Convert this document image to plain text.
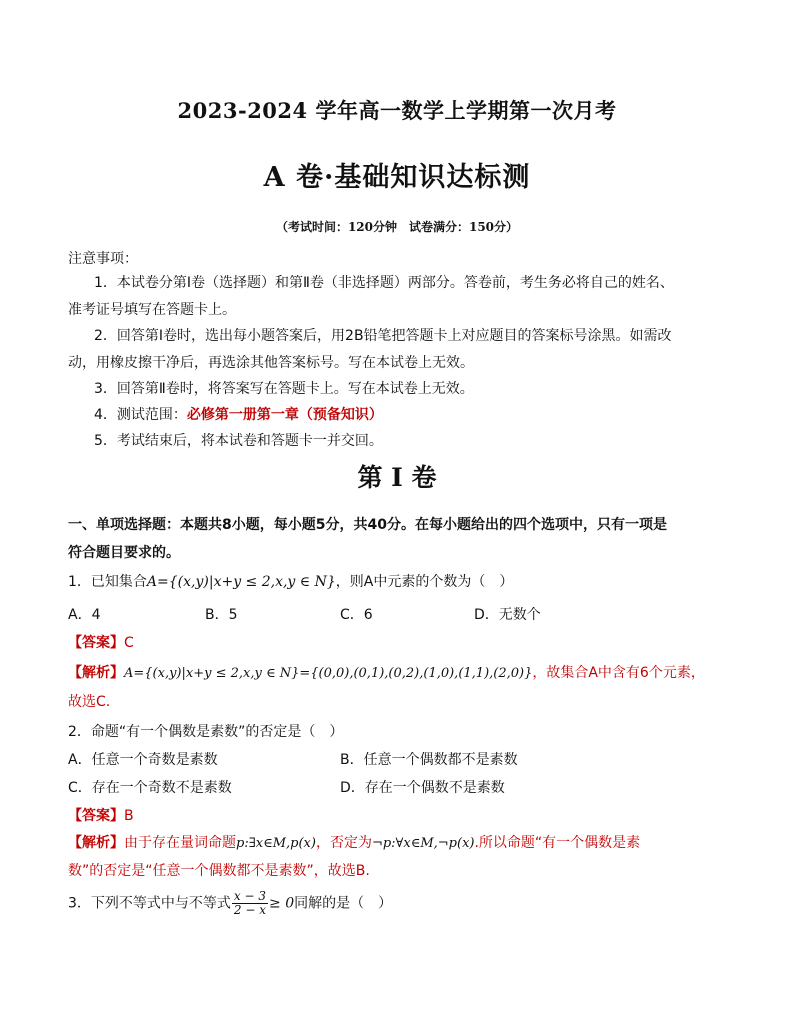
2023-2024 学年高一数学上学期第一次月考
A 卷·基础知识达标测
（考试时间：120分钟　试卷满分：150分）
注意事项：
1．本试卷分第Ⅰ卷（选择题）和第Ⅱ卷（非选择题）两部分。答卷前，考生务必将自己的姓名、
准考证号填写在答题卡上。
2．回答第Ⅰ卷时，选出每小题答案后，用2B铅笔把答题卡上对应题目的答案标号涂黑。如需改
动，用橡皮擦干净后，再选涂其他答案标号。写在本试卷上无效。
3．回答第Ⅱ卷时，将答案写在答题卡上。写在本试卷上无效。
4．测试范围：必修第一册第一章（预备知识）
5．考试结束后，将本试卷和答题卡一并交回。
第 I 卷
一、单项选择题：本题共8小题，每小题5分，共40分。在每小题给出的四个选项中，只有一项是
符合题目要求的。
1．已知集合A={(x,y)|x+y ≤ 2,x,y ∈ N}，则A中元素的个数为（　）
A．4	B．5	C．6	D．无数个
【答案】C
【解析】A={(x,y)|x+y ≤ 2,x,y ∈ N}={(0,0),(0,1),(0,2),(1,0),(1,1),(2,0)}，故集合A中含有6个元素，
故选C.
2．命题“有一个偶数是素数”的否定是（　）
A．任意一个奇数是素数	B．任意一个偶数都不是素数
C．存在一个奇数不是素数	D．存在一个偶数不是素数
【答案】B
【解析】由于存在量词命题p:∃x∈M,p(x)，否定为¬p:∀x∈M,¬p(x).所以命题“有一个偶数是素
数”的否定是“任意一个偶数都不是素数”，故选B.
3．下列不等式中与不等式 $\frac{x - 3}{2 - x} \ge 0$同解的是（　）
